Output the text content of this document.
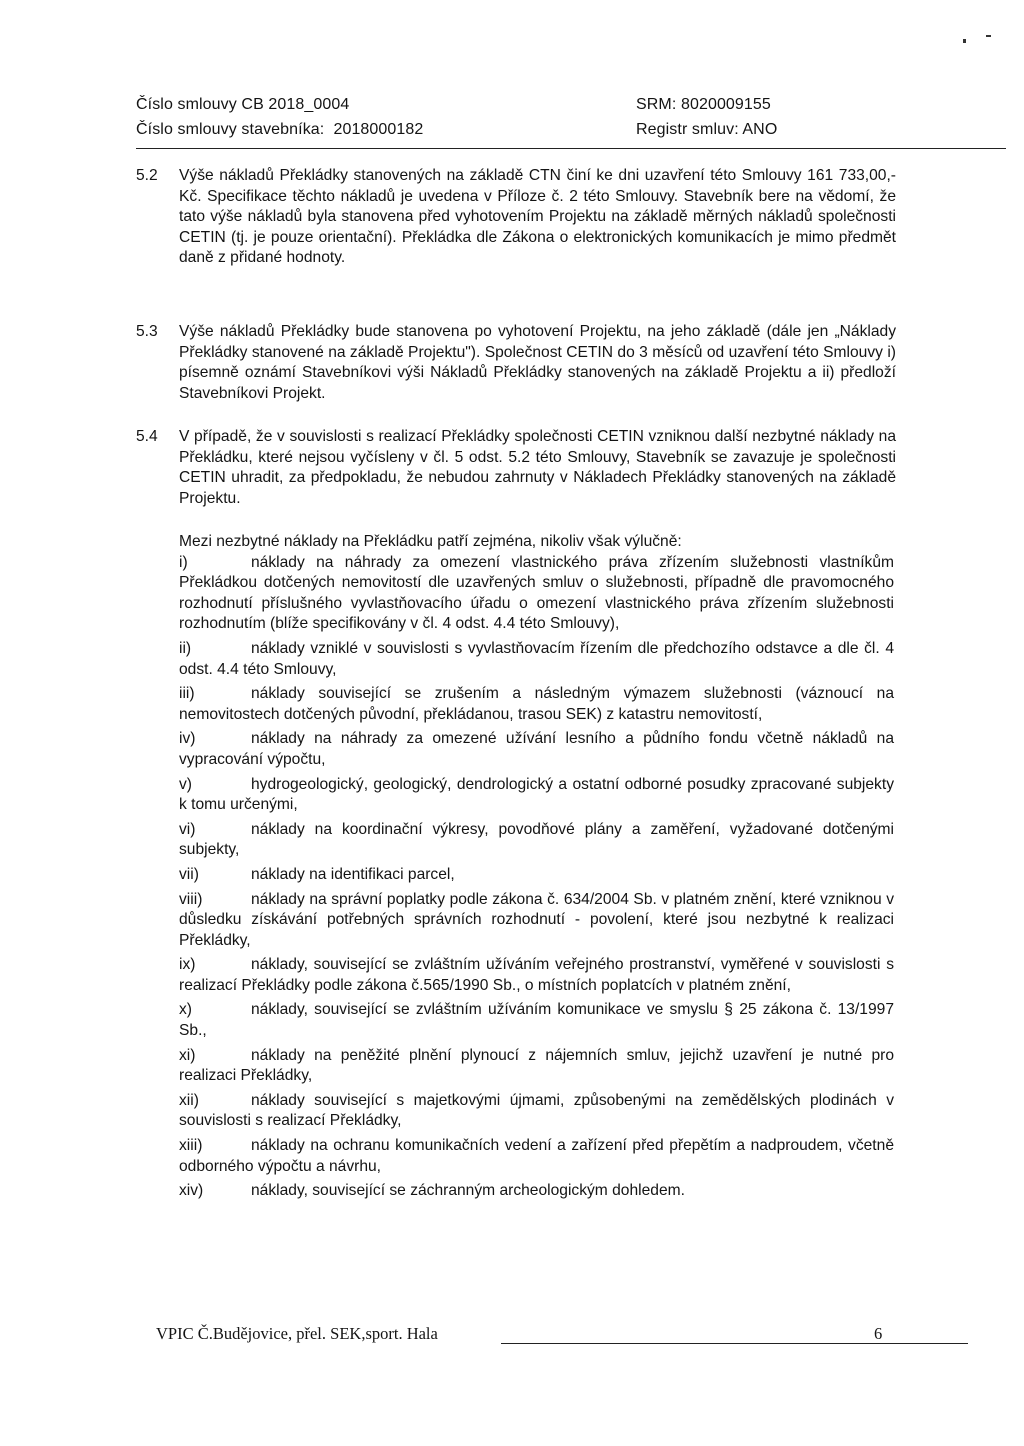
Číslo smlouvy CB 2018_0004	SRM: 8020009155
Číslo smlouvy stavebníka:  2018000182	Registr smluv: ANO
5.2 Výše nákladů Překládky stanovených na základě CTN činí ke dni uzavření této Smlouvy 161 733,00,-Kč. Specifikace těchto nákladů je uvedena v Příloze č. 2 této Smlouvy. Stavebník bere na vědomí, že tato výše nákladů byla stanovena před vyhotovením Projektu na základě měrných nákladů společnosti CETIN (tj. je pouze orientační). Překládka dle Zákona o elektronických komunikacích je mimo předmět daně z přidané hodnoty.
5.3 Výše nákladů Překládky bude stanovena po vyhotovení Projektu, na jeho základě (dále jen „Náklady Překládky stanovené na základě Projektu"). Společnost CETIN do 3 měsíců od uzavření této Smlouvy i) písemně oznámí Stavebníkovi výši Nákladů Překládky stanovených na základě Projektu a ii) předloží Stavebníkovi Projekt.
5.4 V případě, že v souvislosti s realizací Překládky společnosti CETIN vzniknou další nezbytné náklady na Překládku, které nejsou vyčísleny v čl. 5 odst. 5.2 této Smlouvy, Stavebník se zavazuje je společnosti CETIN uhradit, za předpokladu, že nebudou zahrnuty v Nákladech Překládky stanovených na základě Projektu.
Mezi nezbytné náklady na Překládku patří zejména, nikoliv však výlučně:
i)	náklady na náhrady za omezení vlastnického práva zřízením služebnosti vlastníkům Překládkou dotčených nemovitostí dle uzavřených smluv o služebnosti, případně dle pravomocného rozhodnutí příslušného vyvlastňovacího úřadu o omezení vlastnického práva zřízením služebnosti rozhodnutím (blíže specifikovány v čl. 4 odst. 4.4 této Smlouvy),
ii)	náklady vzniklé v souvislosti s vyvlastňovacím řízením dle předchozího odstavce a dle čl. 4 odst. 4.4 této Smlouvy,
iii)	náklady související se zrušením a následným výmazem služebnosti (váznoucí na nemovitostech dotčených původní, překládanou, trasou SEK) z katastru nemovitostí,
iv)	náklady na náhrady za omezené užívání lesního a půdního fondu včetně nákladů na vypracování výpočtu,
v)	hydrogeologický, geologický, dendrologický a ostatní odborné posudky zpracované subjekty k tomu určenými,
vi)	náklady na koordinační výkresy, povodňové plány a zaměření, vyžadované dotčenými subjekty,
vii)	náklady na identifikaci parcel,
viii)	náklady na správní poplatky podle zákona č. 634/2004 Sb. v platném znění, které vzniknou v důsledku získávání potřebných správních rozhodnutí - povolení, které jsou nezbytné k realizaci Překládky,
ix)	náklady, související se zvláštním užíváním veřejného prostranství, vyměřené v souvislosti s realizací Překládky podle zákona č.565/1990 Sb., o místních poplatcích v platném znění,
x)	náklady, související se zvláštním užíváním komunikace ve smyslu § 25 zákona č. 13/1997 Sb.,
xi)	náklady na peněžité plnění plynoucí z nájemních smluv, jejichž uzavření je nutné pro realizaci Překládky,
xii)	náklady související s majetkovými újmami, způsobenými na zemědělských plodinách v souvislosti s realizací Překládky,
xiii)	náklady na ochranu komunikačních vedení a zařízení před přepětím a nadproudem, včetně odborného výpočtu a návrhu,
xiv)	náklady, související se záchranným archeologickým dohledem.
VPIC Č.Budějovice, přel. SEK,sport. Hala	6
